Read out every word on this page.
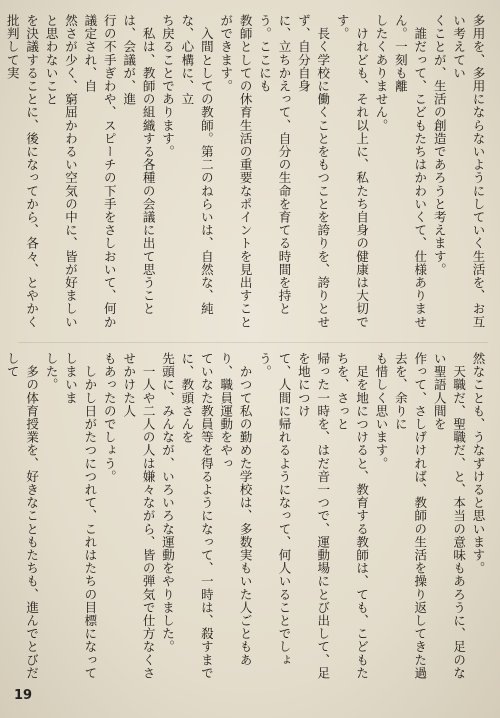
多用を、多用にならないようにしていく生活を、お互い考えてい

くことが、生活の創造であろうと考えます。

　誰だって、こどもたちはかわいくて、仕様ありません。一刻も離

したくありません。

　けれども、それ以上に、私たち自身の健康は大切です。

　長く学校に働くことをもつことを誇りを、誇りとせず、自分自身

に、立ちかえって、自分の生命を育てる時間を持とう。ここにも

教師としての休育生活の重要なポイントを見出すことができます。

　入間としての教師。第二のねらいは、自然な、純な、心構に、立

ち戻ることであります。

　私は、教師の組織する各種の会議に出て思うことは、会議が、進

行の不手ぎわや、スピーチの下手をさしおいて、何か議定され、自

然さが少く、窮屈かわるい空気の中に、皆が好ましいと思わないこと

を決議することに、後になってから、各々、とやかく批判して実

然なことも、うなずけると思います。

　天職だ、聖職だ、と、本当の意味もあろうに、足のない聖語人間を

作って、さしげければ、教師の生活を操り返してきた過去を、余りに

も惜しく思います。

　足を地につけると、教育する教師は、ても、こどもたちを、さっと

帰った一時を、はだ音一つで、運動場にとび出して、足を地につけ

て、人間に帰れるようになって、何人いることでしょう。

　かつて私の勤めた学校は、多数実もいた人ごともあり、職員運動をやっ

ていなた教員等を得るようになって、一時は、殺すまでに、教頭さんを

先頭に、みんなが、いろいろな運動をやりました。

　一人や二人の人は嫌々ながら、皆の弾気で仕方なくさせかけた人

もあったのでしょう。

　しかし日がたつにつれて、これはたちの目標になってしまいま

した。

　多の体育授業を、好きなこともたちも、進んでとびだして

19
